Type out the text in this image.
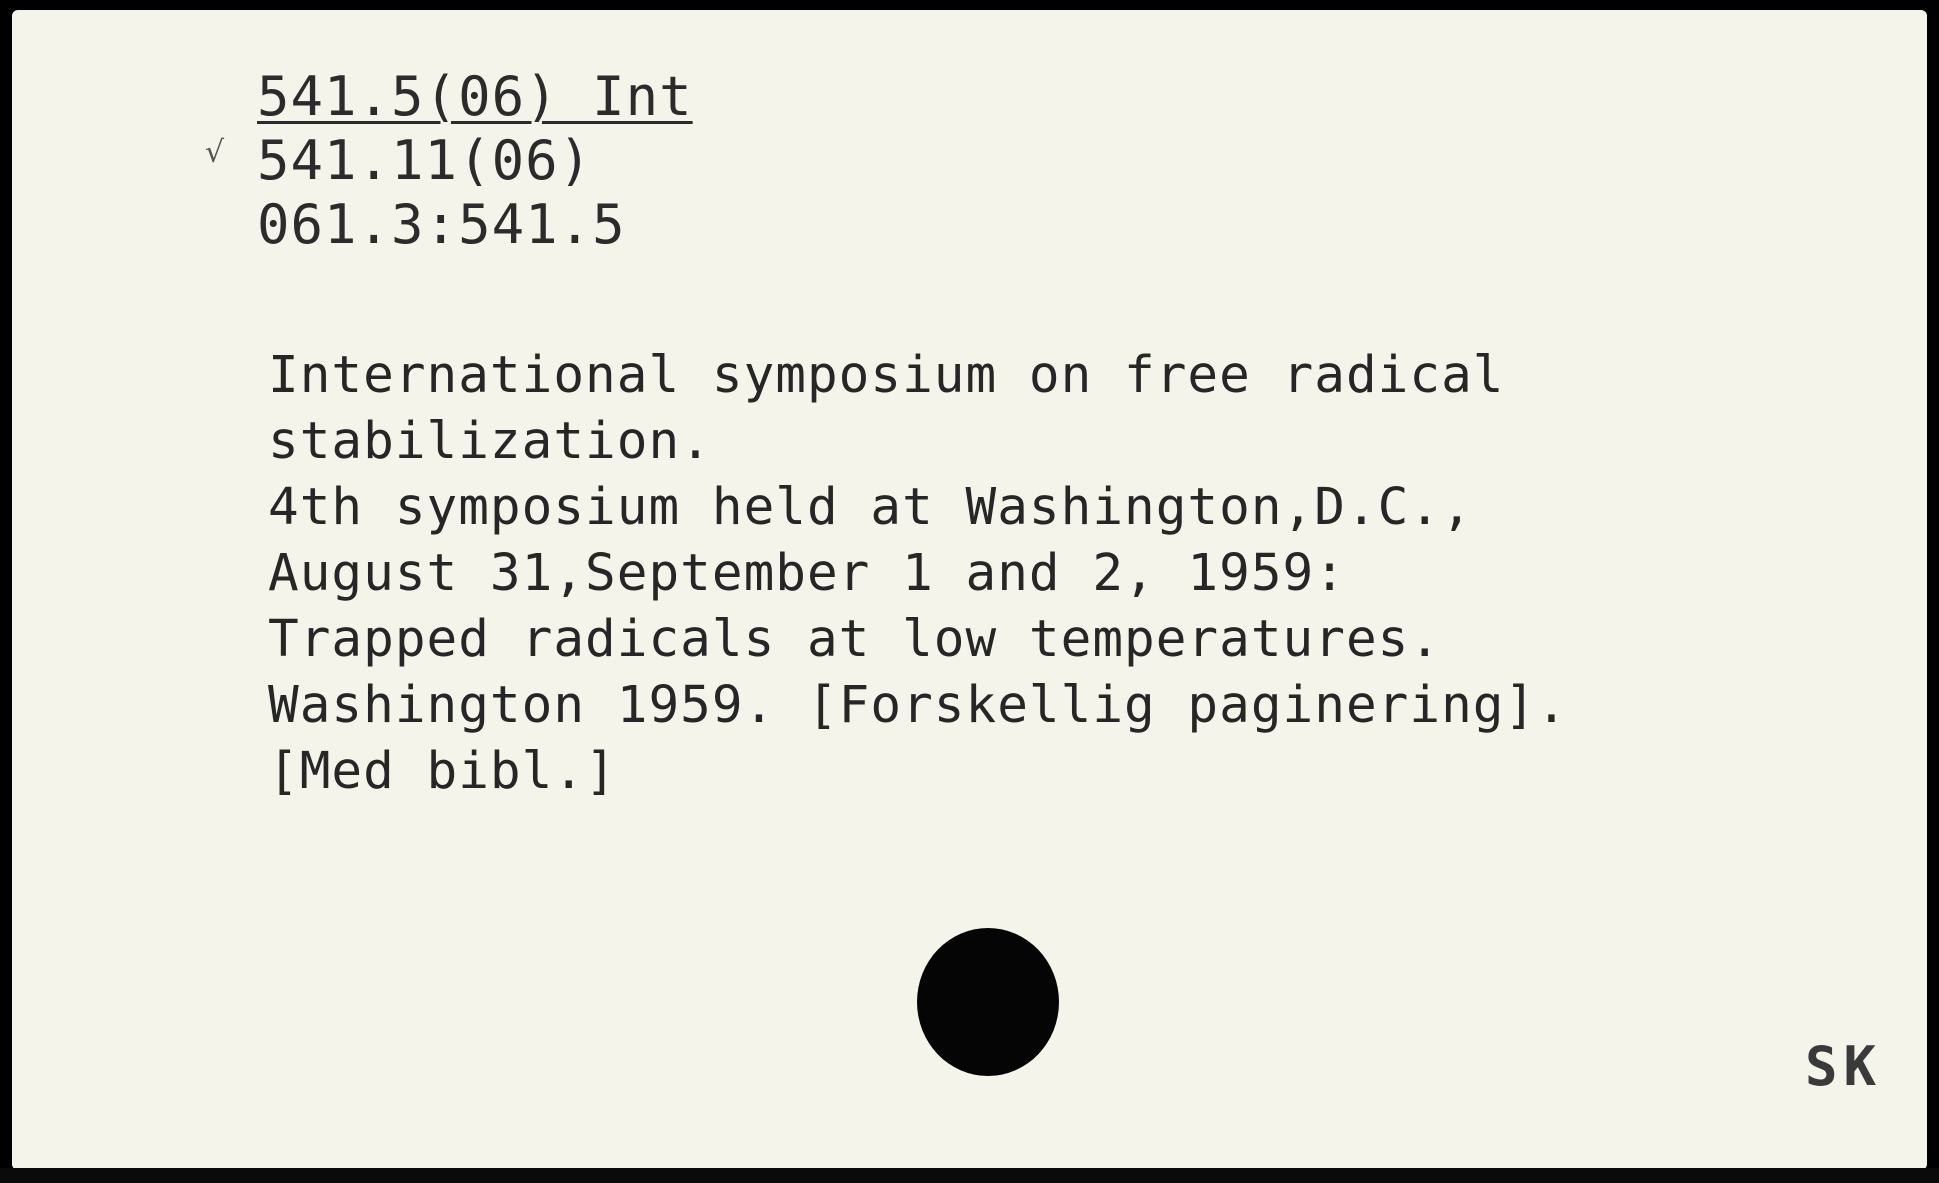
541.5(06) Int
541.11(06)
061.3:541.5
International symposium on free radical
stabilization.
4th symposium held at Washington,D.C.,
August 31,September 1 and 2, 1959:
Trapped radicals at low temperatures.
Washington 1959. [Forskellig paginering].
[Med bibl.]
SK
√
